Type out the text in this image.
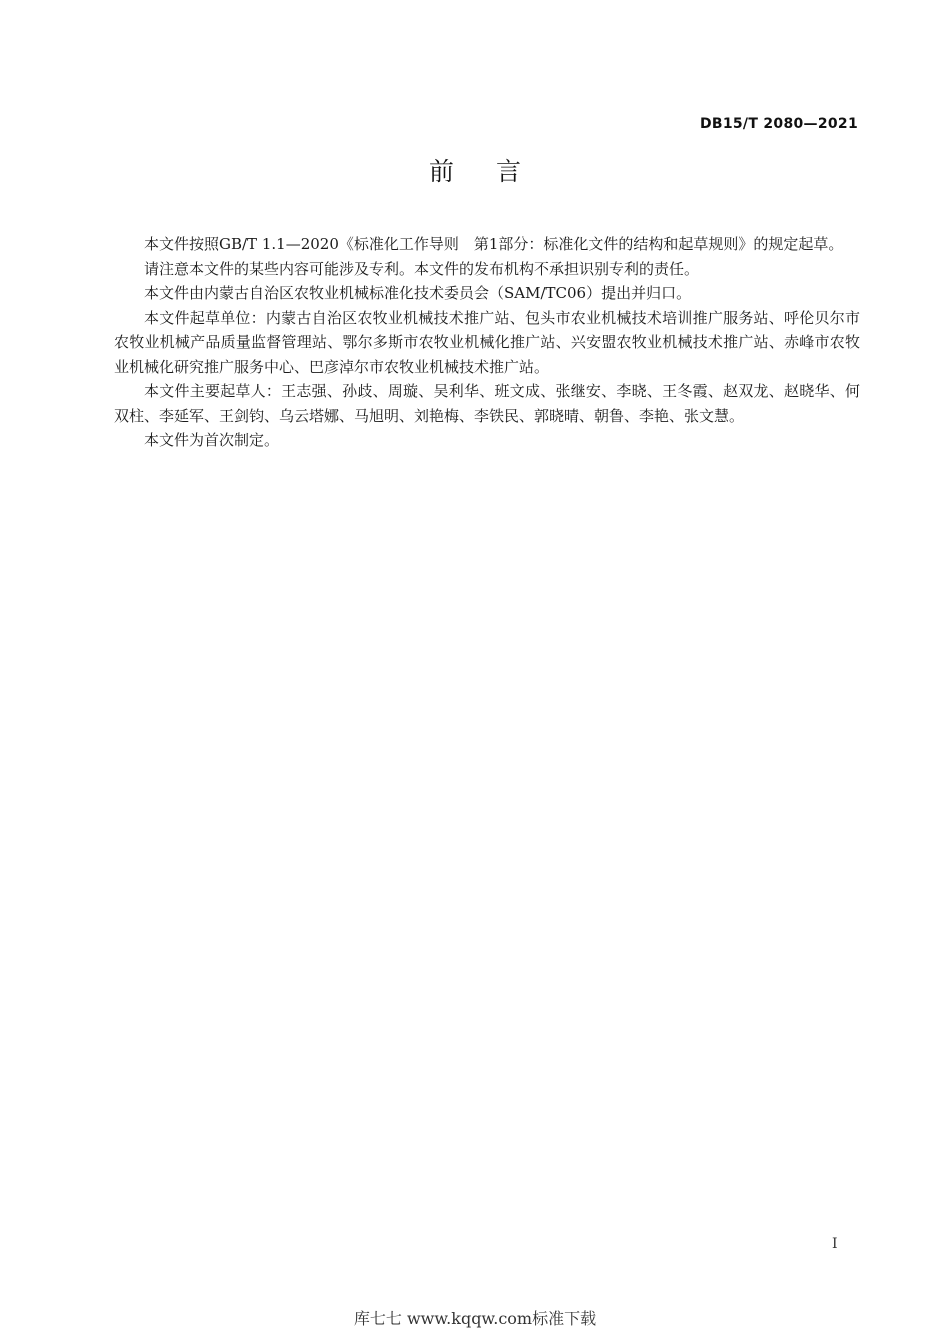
DB15/T 2080—2021
前言

本文件按照GB/T 1.1—2020《标准化工作导则　第1部分：标准化文件的结构和起草规则》的规定起草。

请注意本文件的某些内容可能涉及专利。本文件的发布机构不承担识别专利的责任。

本文件由内蒙古自治区农牧业机械标准化技术委员会（SAM/TC06）提出并归口。

本文件起草单位：内蒙古自治区农牧业机械技术推广站、包头市农业机械技术培训推广服务站、呼伦贝尔市农牧业机械产品质量监督管理站、鄂尔多斯市农牧业机械化推广站、兴安盟农牧业机械技术推广站、赤峰市农牧业机械化研究推广服务中心、巴彦淖尔市农牧业机械技术推广站。

本文件主要起草人：王志强、孙歧、周璇、吴利华、班文成、张继安、李晓、王冬霞、赵双龙、赵晓华、何双柱、李延军、王剑钧、乌云塔娜、马旭明、刘艳梅、李铁民、郭晓晴、朝鲁、李艳、张文慧。

本文件为首次制定。

I
库七七 www.kqqw.com标准下载
